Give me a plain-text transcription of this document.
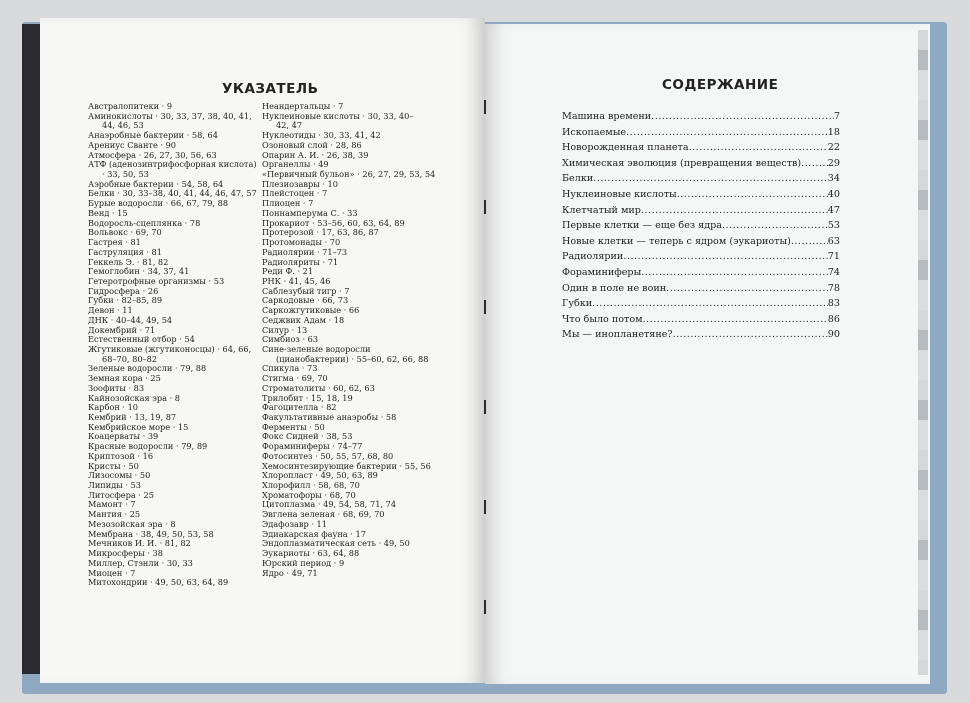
УКАЗАТЕЛЬ
Австралопитеки · 9
Аминокислоты · 30, 33, 37, 38, 40, 41,
44, 46, 53
Анаэробные бактерии · 58, 64
Арениус Сванте · 90
Атмосфера · 26, 27, 30, 56, 63
АТФ (аденозинтрифосфорная кислота)
· 33, 50, 53
Аэробные бактерии · 54, 58, 64
Белки · 30, 33–38, 40, 41, 44, 46, 47, 57
Бурые водоросли · 66, 67, 79, 88
Венд · 15
Водоросль-сцеплянка · 78
Вольвокс · 69, 70
Гастрея · 81
Гаструляция · 81
Геккель Э. · 81, 82
Гемоглобин · 34, 37, 41
Гетеротрофные организмы · 53
Гидросфера · 26
Губки · 82–85, 89
Девон · 11
ДНК · 40–44, 49, 54
Докембрий · 71
Естественный отбор · 54
Жгутиковые (жгутиконосцы) · 64, 66,
68–70, 80–82
Зеленые водоросли · 79, 88
Земная кора · 25
Зоофиты · 83
Кайнозойская эра · 8
Карбон · 10
Кембрий · 13, 19, 87
Кембрийское море · 15
Коацерваты · 39
Красные водоросли · 79, 89
Криптозой · 16
Кристы · 50
Лизосомы · 50
Липиды · 53
Литосфера · 25
Мамонт · 7
Мантия · 25
Мезозойская эра · 8
Мембрана · 38, 49, 50, 53, 58
Мечников И. И. · 81, 82
Микросферы · 38
Миллер, Стэнли · 30, 33
Миоцен · 7
Митохондрии · 49, 50, 63, 64, 89
Неандертальцы · 7
Нуклеиновые кислоты · 30, 33, 40–
42, 47
Нуклеотиды · 30, 33, 41, 42
Озоновый слой · 28, 86
Опарин А. И. · 26, 38, 39
Органеллы · 49
«Первичный бульон» · 26, 27, 29, 53, 54
Плезиозавры · 10
Плейстоцен · 7
Плиоцен · 7
Поннамперума С. · 33
Прокариот · 53–56, 60, 63, 64, 89
Протерозой · 17, 63, 86, 87
Протомонады · 70
Радиолярии · 71–73
Радиоляриты · 71
Реди Ф. · 21
РНК · 41, 45, 46
Саблезубый тигр · 7
Саркодовые · 66, 73
Саркожгутиковые · 66
Седжвик Адам · 18
Силур · 13
Симбиоз · 63
Сине-зеленые водоросли
(цианобактерии) · 55–60, 62, 66, 88
Спикула · 73
Стигма · 69, 70
Строматолиты · 60, 62, 63
Трилобит · 15, 18, 19
Фагоцителла · 82
Факультативные анаэробы · 58
Ферменты · 50
Фокс Сидней · 38, 53
Фораминиферы · 74–77
Фотосинтез · 50, 55, 57, 68, 80
Хемосинтезирующие бактерии · 55, 56
Хлоропласт · 49, 50, 63, 89
Хлорофилл · 58, 68, 70
Хроматофоры · 68, 70
Цитоплазма · 49, 54, 58, 71, 74
Эвглена зеленая · 68, 69, 70
Эдафозавр · 11
Эдиакарская фауна · 17
Эндоплазматическая сеть · 49, 50
Эукариоты · 63, 64, 88
Юрский период · 9
Ядро · 49, 71
СОДЕРЖАНИЕ
Машина времени .....	7
Ископаемые .....	18
Новорожденная планета .....	22
Химическая эволюция (превращения веществ) .....	29
Белки .....	34
Нуклеиновые кислоты .....	40
Клетчатый мир .....	47
Первые клетки — еще без ядра .....	53
Новые клетки — теперь с ядром (эукариоты) .....	63
Радиолярии .....	71
Фораминиферы .....	74
Один в поле не воин .....	78
Губки .....	83
Что было потом .....	86
Мы — инопланетяне? .....	90
